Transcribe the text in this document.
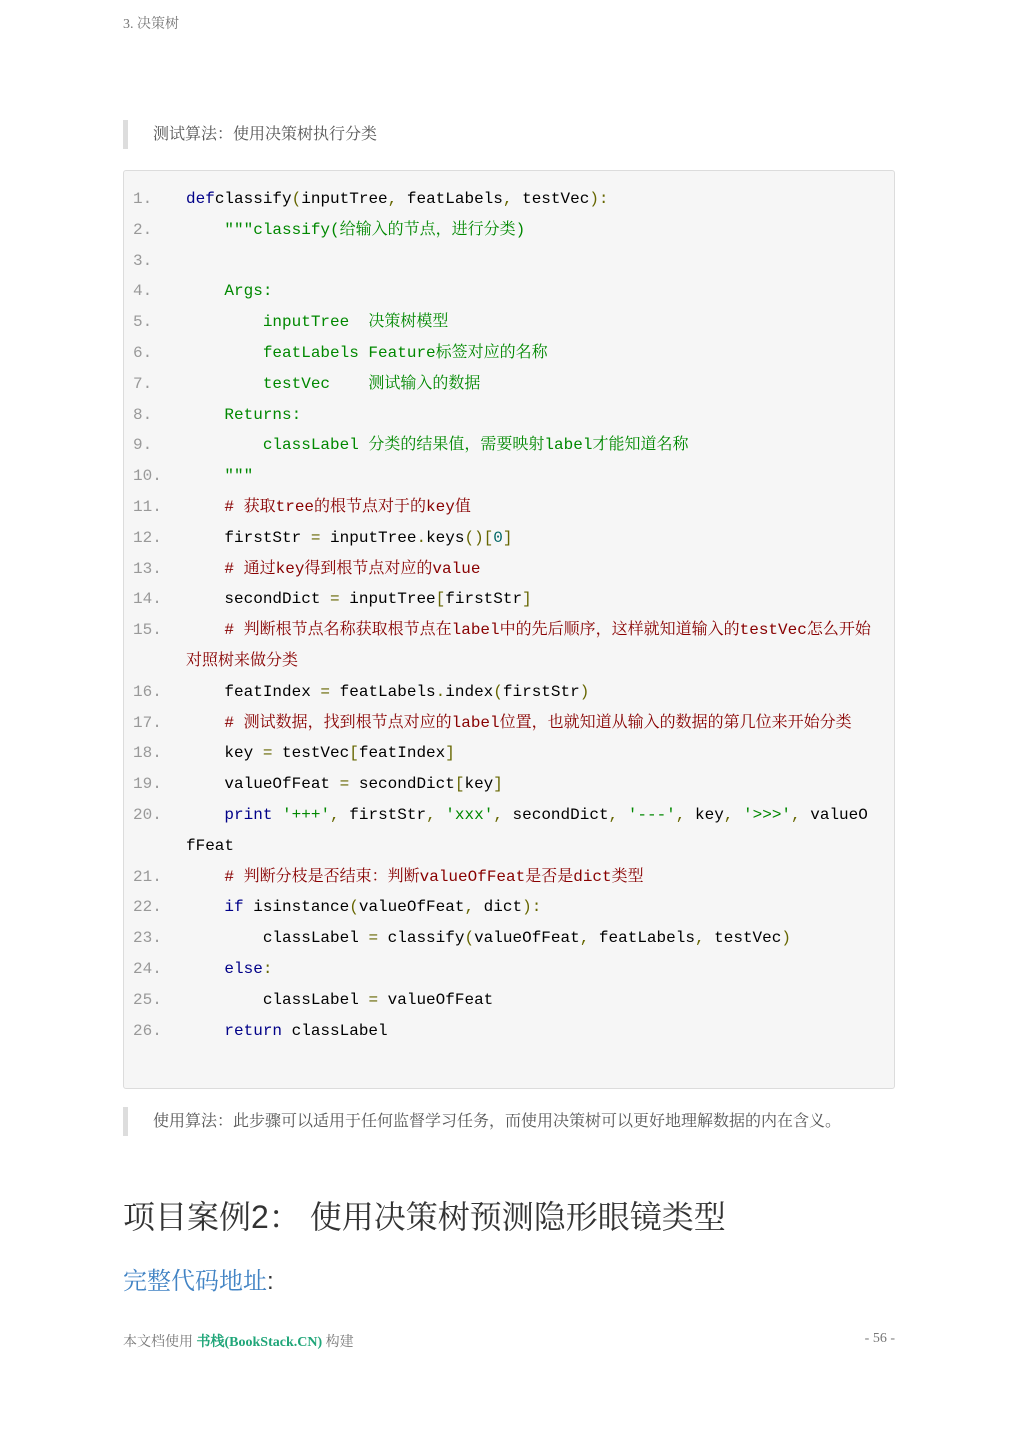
3. 决策树
测试算法：使用决策树执行分类
1.	defclassify(inputTree, featLabels, testVec):
2.	"""classify(给输入的节点，进行分类)
3.

4.	Args:
5.	inputTree  决策树模型
6.	featLabels Feature标签对应的名称
7.	testVec    测试输入的数据
8.	Returns:
9.	classLabel 分类的结果值，需要映射label才能知道名称
10.	"""
11.	# 获取tree的根节点对于的key值
12.	firstStr = inputTree.keys()[0]
13.	# 通过key得到根节点对应的value
14.	secondDict = inputTree[firstStr]
15.	# 判断根节点名称获取根节点在label中的先后顺序，这样就知道输入的testVec怎么开始对照树来做分类
16.	featIndex = featLabels.index(firstStr)
17.	# 测试数据，找到根节点对应的label位置，也就知道从输入的数据的第几位来开始分类
18.	key = testVec[featIndex]
19.	valueOfFeat = secondDict[key]
20.	print '+++', firstStr, 'xxx', secondDict, '---', key, '>>>', valueOfFeat
21.	# 判断分枝是否结束：判断valueOfFeat是否是dict类型
22.	if isinstance(valueOfFeat, dict):
23.	classLabel = classify(valueOfFeat, featLabels, testVec)
24.	else:
25.	classLabel = valueOfFeat
26.	return classLabel
使用算法：此步骤可以适用于任何监督学习任务，而使用决策树可以更好地理解数据的内在含义。
项目案例2： 使用决策树预测隐形眼镜类型
完整代码地址:
本文档使用 书栈(BookStack.CN) 构建	- 56 -
